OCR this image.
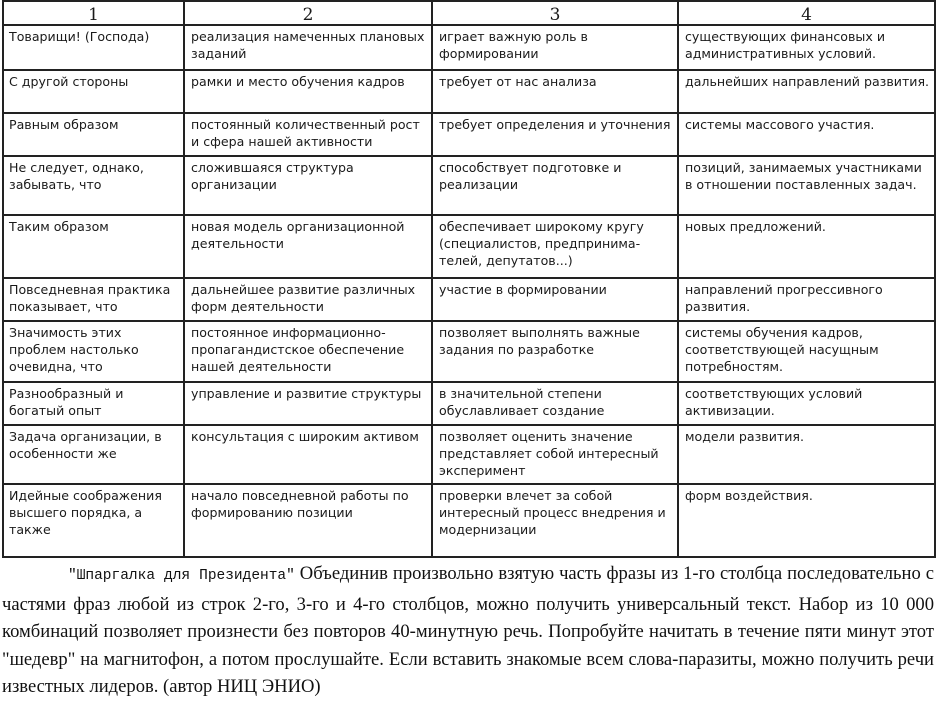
1	2	3	4
Товарищи! (Господа)	реализация намеченных плановых заданий	играет важную роль в формировании	существующих финансовых и административных условий.
С другой стороны	рамки и место обучения кадров	требует от нас анализа	дальнейших направлений развития.
Равным образом	постоянный количественный рост и сфера нашей активности	требует определения и уточнения	системы массового участия.
Не следует, однако, забывать, что	сложившаяся структура организации	способствует подготовке и реализации	позиций, занимаемых участниками в отношении поставленных задач.
Таким образом	новая модель организационной деятельности	обеспечивает широкому кругу (специалистов, предпринима-телей, депутатов...)	новых предложений.
Повседневная практика показывает, что	дальнейшее развитие различных форм деятельности	участие в формировании	направлений прогрессивного развития.
Значимость этих проблем настолько очевидна, что	постоянное информационно-пропагандистское обеспечение нашей деятельности	позволяет выполнять важные задания по разработке	системы обучения кадров, соответствующей насущным потребностям.
Разнообразный и богатый опыт	управление и развитие структуры	в значительной степени обуславливает создание	соответствующих условий активизации.
Задача организации, в особенности же	консультация с широким активом	позволяет оценить значение представляет собой интересный эксперимент	модели развития.
Идейные соображения высшего порядка, а также	начало повседневной работы по формированию позиции	проверки влечет за собой интересный процесс внедрения и модернизации	форм воздействия.

"Шпаргалка для Президента" Объединив произвольно взятую часть фразы из 1-го столбца последовательно с частями фраз любой из строк 2-го, 3-го и 4-го столбцов, можно получить универсальный текст. Набор из 10 000 комбинаций позволяет произнести без повторов 40-минутную речь. Попробуйте начитать в течение пяти минут этот "шедевр" на магнитофон, а потом прослушайте. Если вставить знакомые всем слова-паразиты, можно получить речи известных лидеров. (автор НИЦ ЭНИО)
